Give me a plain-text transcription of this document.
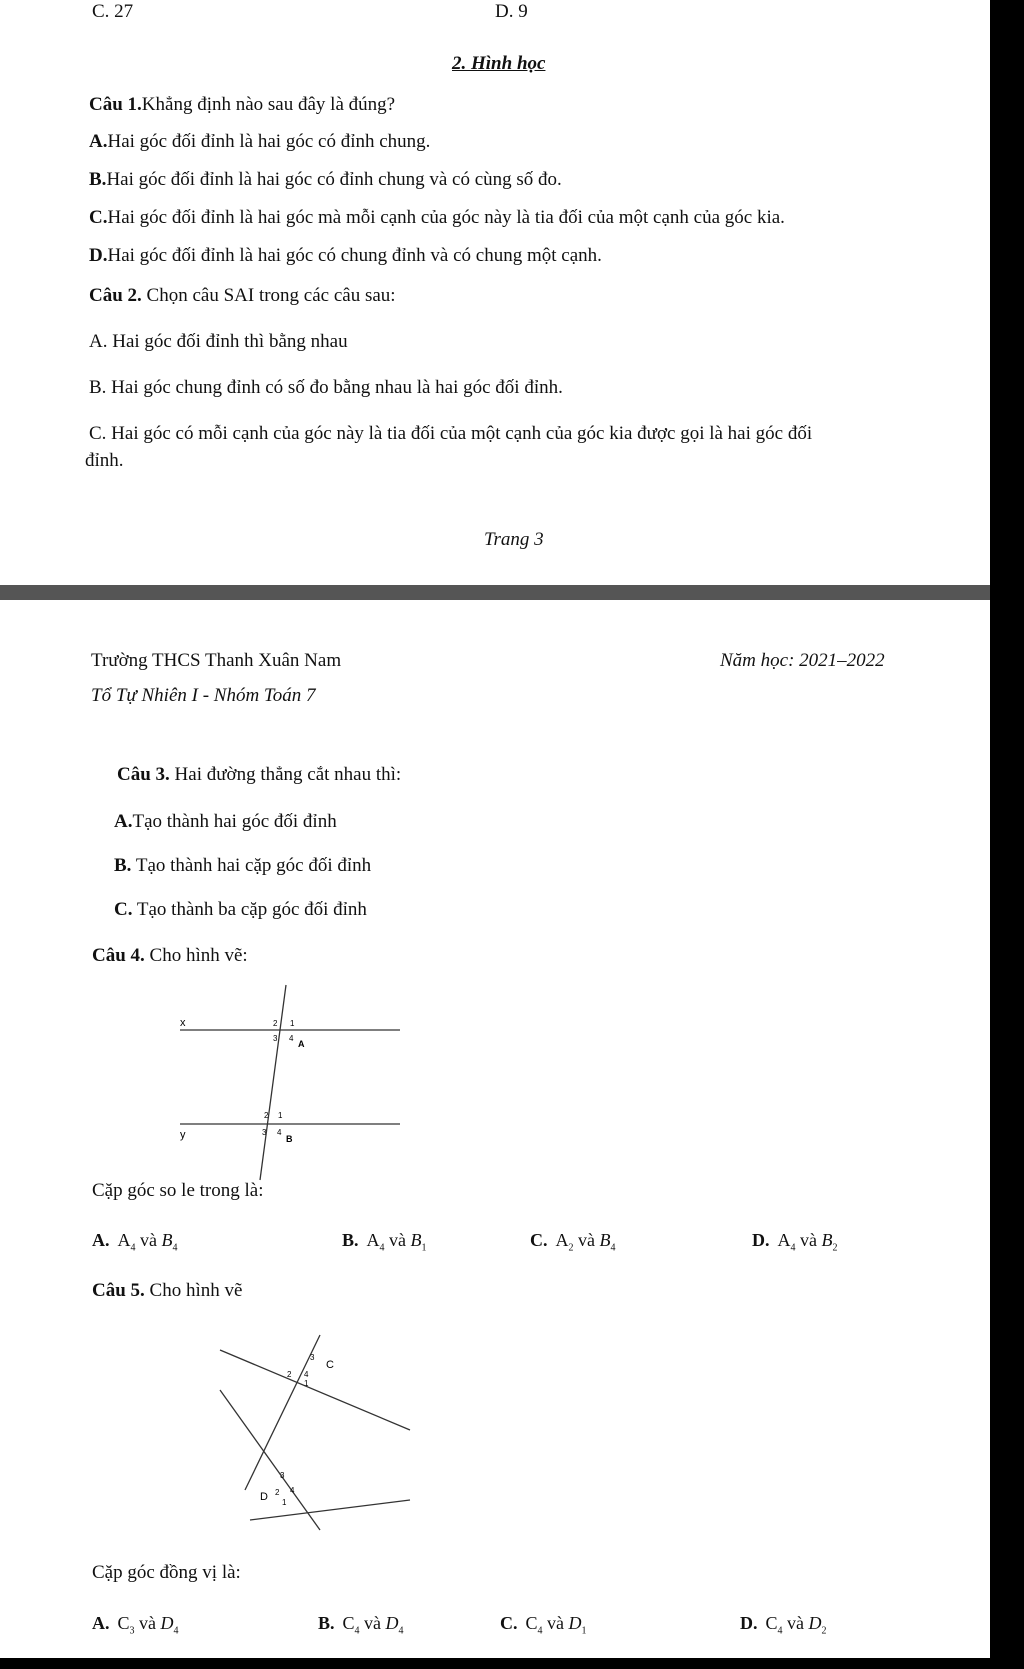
C. 27	D. 9
2. Hình học
Câu 1.Khẳng định nào sau đây là đúng?
A.Hai góc đối đỉnh là hai góc có đỉnh chung.
B.Hai góc đối đỉnh là hai góc có đỉnh chung và có cùng số đo.
C.Hai góc đối đỉnh là hai góc mà mỗi cạnh của góc này là tia đối của một cạnh của góc kia.
D.Hai góc đối đỉnh là hai góc có chung đỉnh và có chung một cạnh.
Câu 2. Chọn câu SAI trong các câu sau:
A. Hai góc đối đỉnh thì bằng nhau
B. Hai góc chung đỉnh có số đo bằng nhau là hai góc đối đỉnh.
C. Hai góc có mỗi cạnh của góc này là tia đối của một cạnh của góc kia được gọi là hai góc đối
đỉnh.
Trang 3
Trường THCS Thanh Xuân Nam	Năm học: 2021–2022
Tổ Tự Nhiên I - Nhóm Toán 7
Câu 3. Hai đường thẳng cắt nhau thì:
A.Tạo thành hai góc đối đỉnh
B. Tạo thành hai cặp góc đối đỉnh
C. Tạo thành ba cặp góc đối đỉnh
Câu 4. Cho hình vẽ:
x
y
1
2
3 4
A
1
2
3 4
B
Cặp góc so le trong là:
A. $A_4$ và $B_4$	B. $A_4$ và $B_1$	C. $A_2$ và $B_4$	D. $A_4$ và $B_2$
Câu 5. Cho hình vẽ
3
2 4
1
C
3
2 4
1
D
Cặp góc đồng vị là:
A. $C_3$ và $D_4$	B. $C_4$ và $D_4$	C. $C_4$ và $D_1$	D. $C_4$ và $D_2$
